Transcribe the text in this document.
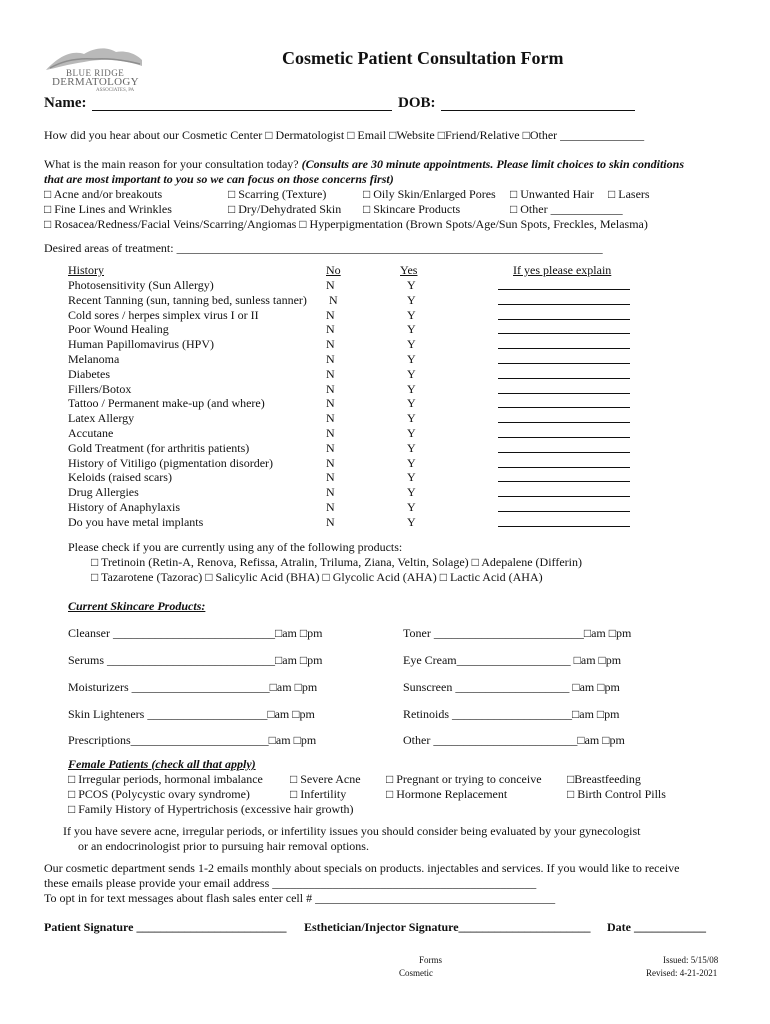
BLUE RIDGE
DERMATOLOGY
ASSOCIATES, PA
Cosmetic Patient Consultation Form
Name:	DOB:
How did you hear about our Cosmetic Center □ Dermatologist □ Email □Website □Friend/Relative □Other ______________
What is the main reason for your consultation today? (Consults are 30 minute appointments. Please limit choices to skin conditions
that are most important to you so we can focus on those concerns first)
□ Acne and/or breakouts	□ Scarring (Texture)	□ Oily Skin/Enlarged Pores □ Unwanted Hair □ Lasers
□ Fine Lines and Wrinkles	□ Dry/Dehydrated Skin □ Skincare Products	□ Other ____________
□ Rosacea/Redness/Facial Veins/Scarring/Angiomas □ Hyperpigmentation (Brown Spots/Age/Sun Spots, Freckles, Melasma)
Desired areas of treatment: _______________________________________________________________________
History	No	Yes	If yes please explain
Photosensitivity (Sun Allergy)	N	Y
Recent Tanning (sun, tanning bed, sunless tanner) N	Y
Cold sores / herpes simplex virus I or II	N	Y
Poor Wound Healing	N	Y
Human Papillomavirus (HPV)	N	Y
Melanoma	N	Y
Diabetes	N	Y
Fillers/Botox	N	Y
Tattoo / Permanent make-up (and where)	N	Y
Latex Allergy	N	Y
Accutane	N	Y
Gold Treatment (for arthritis patients)	N	Y
History of Vitiligo (pigmentation disorder)	N	Y
Keloids (raised scars)	N	Y
Drug Allergies	N	Y
History of Anaphylaxis	N	Y
Do you have metal implants	N	Y
Please check if you are currently using any of the following products:
□ Tretinoin (Retin-A, Renova, Refissa, Atralin, Triluma, Ziana, Veltin, Solage) □ Adepalene (Differin)
□ Tazarotene (Tazorac) □ Salicylic Acid (BHA) □ Glycolic Acid (AHA) □ Lactic Acid (AHA)
Current Skincare Products:
Cleanser ___________________________□am □pm
Serums ____________________________□am □pm
Moisturizers _______________________□am □pm
Skin Lighteners ____________________□am □pm
Prescriptions_______________________□am □pm
Toner _________________________□am □pm
Eye Cream___________________ □am □pm
Sunscreen ___________________ □am □pm
Retinoids ____________________□am □pm
Other ________________________□am □pm
Female Patients (check all that apply)
□ Irregular periods, hormonal imbalance □ Severe Acne □ Pregnant or trying to conceive □Breastfeeding
□ PCOS (Polycystic ovary syndrome)	□ Infertility	□ Hormone Replacement	□ Birth Control Pills
□ Family History of Hypertrichosis (excessive hair growth)
If you have severe acne, irregular periods, or infertility issues you should consider being evaluated by your gynecologist
or an endocrinologist prior to pursuing hair removal options.
Our cosmetic department sends 1-2 emails monthly about specials on products. injectables and services. If you would like to receive
these emails please provide your email address ____________________________________________
To opt in for text messages about flash sales enter cell # ________________________________________
Patient Signature _________________________ Esthetician/Injector Signature______________________ Date ____________
Forms
Cosmetic
Issued: 5/15/08
Revised: 4-21-2021
